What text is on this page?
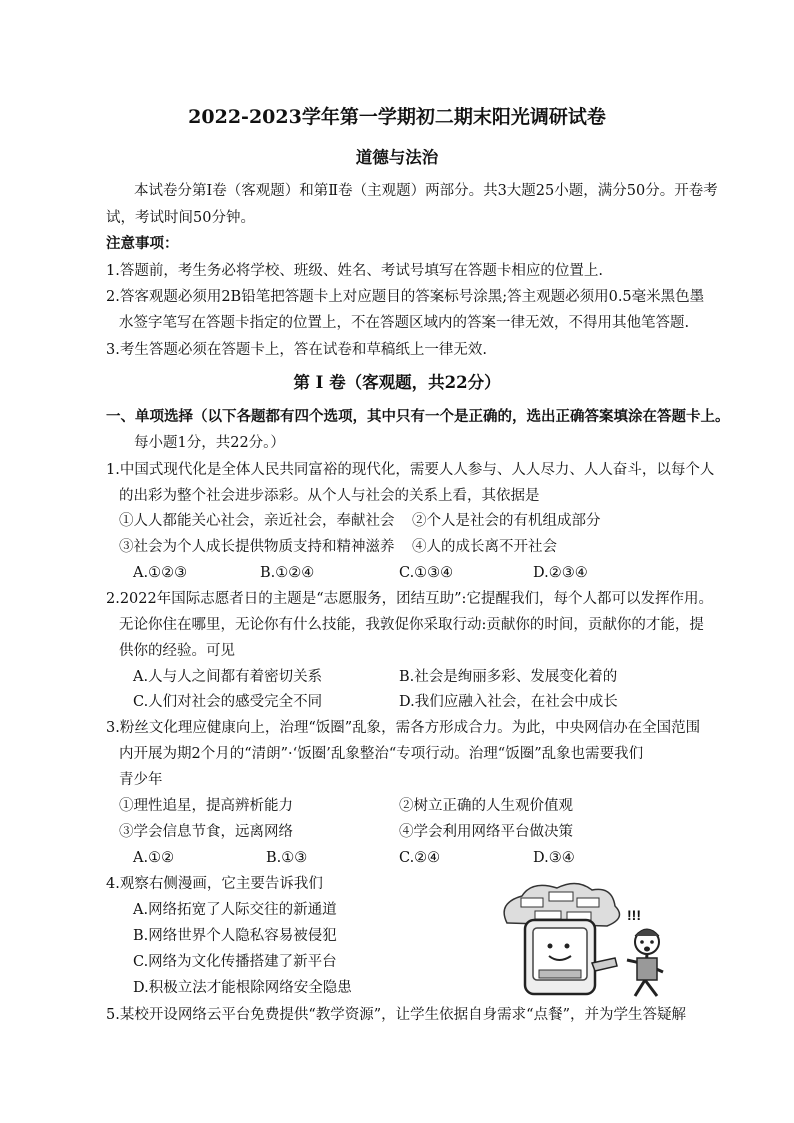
2022-2023学年第一学期初二期末阳光调研试卷
道德与法治
本试卷分第I卷（客观题）和第Ⅱ卷（主观题）两部分。共3大题25小题，满分50分。开卷考
试，考试时间50分钟。
注意事项：
1.答题前，考生务必将学校、班级、姓名、考试号填写在答题卡相应的位置上.
2.答客观题必须用2B铅笔把答题卡上对应题目的答案标号涂黑;答主观题必须用0.5毫米黑色墨
水签字笔写在答题卡指定的位置上，不在答题区域内的答案一律无效，不得用其他笔答题.
3.考生答题必须在答题卡上，答在试卷和草稿纸上一律无效.
第 I 卷（客观题，共22分）
一、单项选择（以下各题都有四个选项，其中只有一个是正确的，选出正确答案填涂在答题卡上。
每小题1分，共22分。）
1.中国式现代化是全体人民共同富裕的现代化，需要人人参与、人人尽力、人人奋斗，以每个人
的出彩为整个社会进步添彩。从个人与社会的关系上看，其依据是
①人人都能关心社会，亲近社会，奉献社会 ②个人是社会的有机组成部分
③社会为个人成长提供物质支持和精神滋养 ④人的成长离不开社会
A.①②③	B.①②④	C.①③④	D.②③④
2.2022年国际志愿者日的主题是“志愿服务，团结互助”:它提醒我们，每个人都可以发挥作用。
无论你住在哪里，无论你有什么技能，我敦促你采取行动:贡献你的时间，贡献你的才能，提
供你的经验。可见
A.人与人之间都有着密切关系	B.社会是绚丽多彩、发展变化着的
C.人们对社会的感受完全不同	D.我们应融入社会，在社会中成长
3.粉丝文化理应健康向上，治理“饭圈”乱象，需各方形成合力。为此，中央网信办在全国范围
内开展为期2个月的“清朗”·‘饭圈’乱象整治“专项行动。治理“饭圈”乱象也需要我们
青少年
①理性追星，提高辨析能力	②树立正确的人生观价值观
③学会信息节食，远离网络	④学会利用网络平台做决策
A.①②	B.①③	C.②④	D.③④
4.观察右侧漫画，它主要告诉我们
A.网络拓宽了人际交往的新通道
B.网络世界个人隐私容易被侵犯
C.网络为文化传播搭建了新平台
D.积极立法才能根除网络安全隐患
!!!
5.某校开设网络云平台免费提供“教学资源”，让学生依据自身需求“点餐”，并为学生答疑解
